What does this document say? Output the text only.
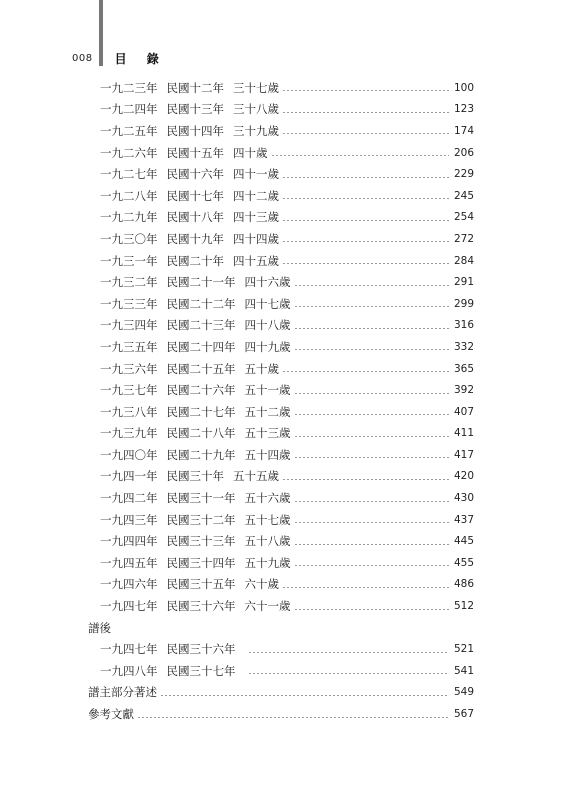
008 目 錄
一九二三年 民國十二年 三十七歲	100
一九二四年 民國十三年 三十八歲	123
一九二五年 民國十四年 三十九歲	174
一九二六年 民國十五年 四十歲	206
一九二七年 民國十六年 四十一歲	229
一九二八年 民國十七年 四十二歲	245
一九二九年 民國十八年 四十三歲	254
一九三〇年 民國十九年 四十四歲	272
一九三一年 民國二十年 四十五歲	284
一九三二年 民國二十一年 四十六歲	291
一九三三年 民國二十二年 四十七歲	299
一九三四年 民國二十三年 四十八歲	316
一九三五年 民國二十四年 四十九歲	332
一九三六年 民國二十五年 五十歲	365
一九三七年 民國二十六年 五十一歲	392
一九三八年 民國二十七年 五十二歲	407
一九三九年 民國二十八年 五十三歲	411
一九四〇年 民國二十九年 五十四歲	417
一九四一年 民國三十年 五十五歲	420
一九四二年 民國三十一年 五十六歲	430
一九四三年 民國三十二年 五十七歲	437
一九四四年 民國三十三年 五十八歲	445
一九四五年 民國三十四年 五十九歲	455
一九四六年 民國三十五年 六十歲	486
一九四七年 民國三十六年 六十一歲	512
譜後
一九四七年 民國三十六年	521
一九四八年 民國三十七年	541
譜主部分著述	549
參考文獻	567
